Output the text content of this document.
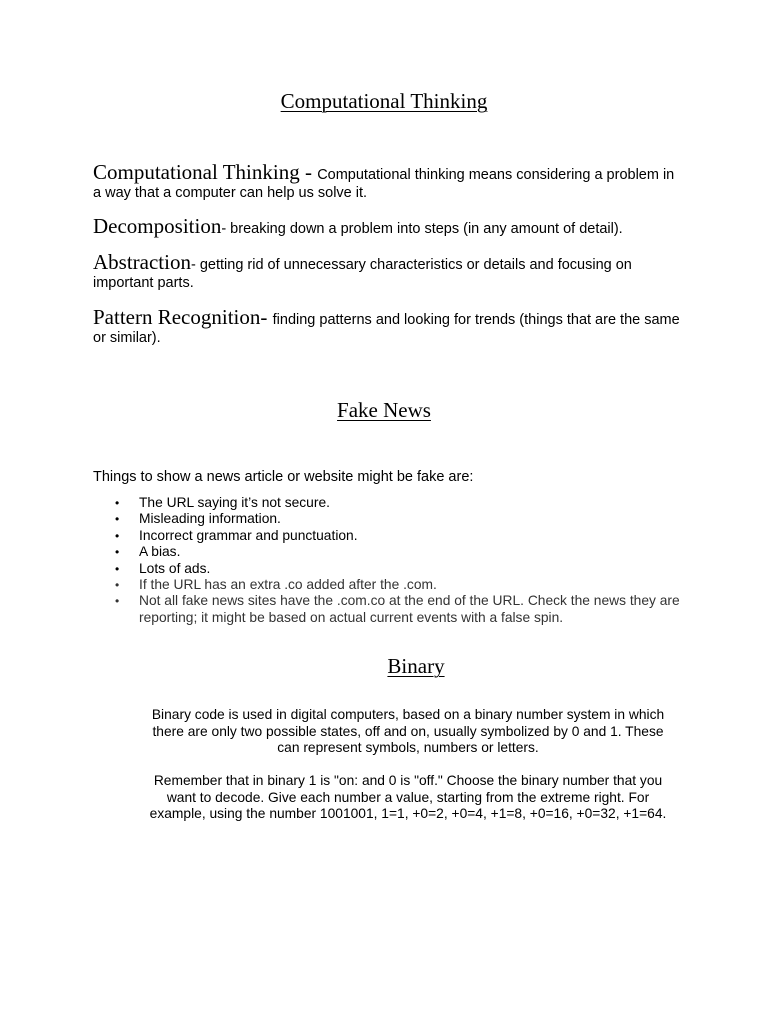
Computational Thinking

Computational Thinking - Computational thinking means considering a problem in a way that a computer can help us solve it.

Decomposition- breaking down a problem into steps (in any amount of detail).

Abstraction- getting rid of unnecessary characteristics or details and focusing on important parts.

Pattern Recognition- finding patterns and looking for trends (things that are the same or similar).

Fake News

Things to show a news article or website might be fake are:

• The URL saying it’s not secure.
• Misleading information.
• Incorrect grammar and punctuation.
• A bias.
• Lots of ads.
• If the URL has an extra .co added after the .com.
• Not all fake news sites have the .com.co at the end of the URL. Check the news they are reporting; it might be based on actual current events with a false spin.
Binary

Binary code is used in digital computers, based on a binary number system in which there are only two possible states, off and on, usually symbolized by 0 and 1. These can represent symbols, numbers or letters.

Remember that in binary 1 is "on: and 0 is "off." Choose the binary number that you want to decode. Give each number a value, starting from the extreme right. For example, using the number 1001001, 1=1, +0=2, +0=4, +1=8, +0=16, +0=32, +1=64.
